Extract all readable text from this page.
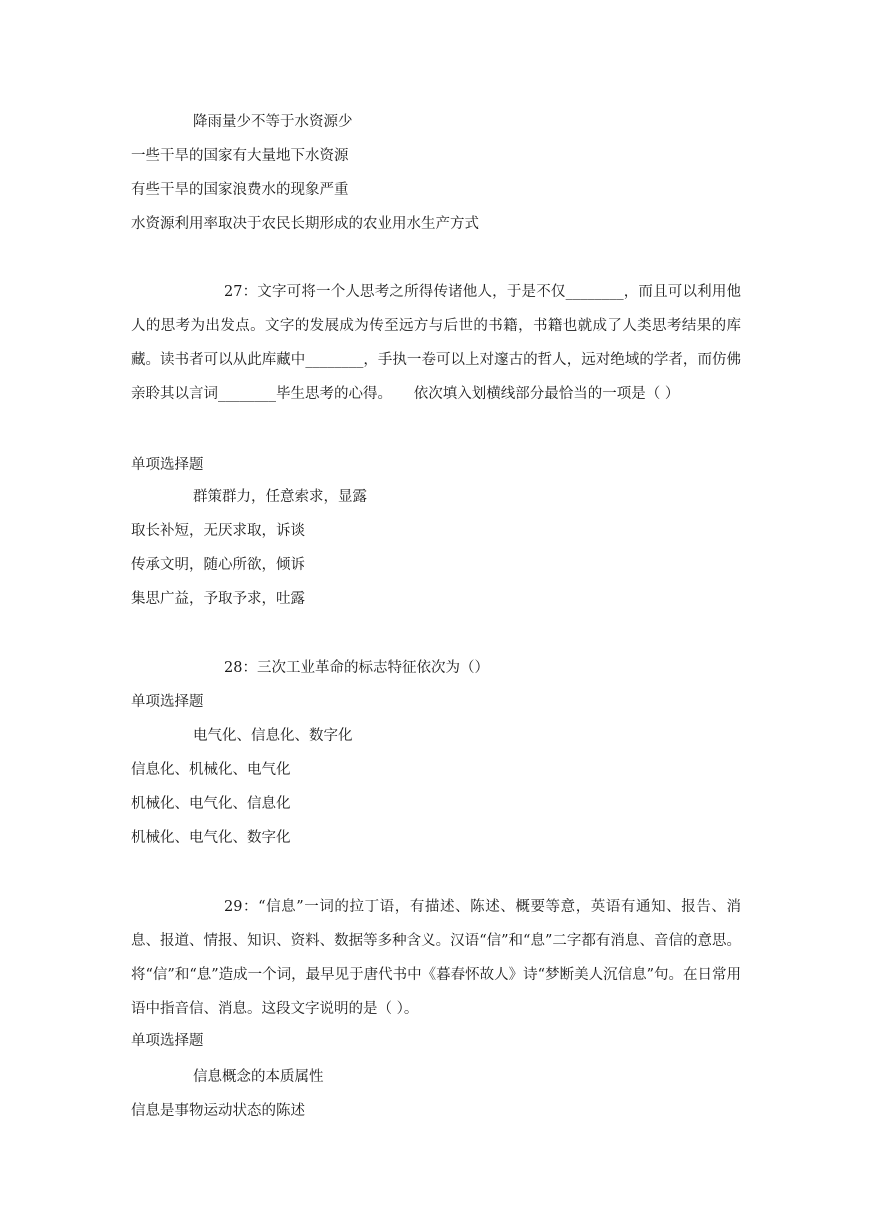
降雨量少不等于水资源少
一些干旱的国家有大量地下水资源
有些干旱的国家浪费水的现象严重
水资源利用率取决于农民长期形成的农业用水生产方式
27：文字可将一个人思考之所得传诸他人，于是不仅________，而且可以利用他人的思考为出发点。文字的发展成为传至远方与后世的书籍，书籍也就成了人类思考结果的库藏。读书者可以从此库藏中________，手执一卷可以上对邃古的哲人，远对绝域的学者，而仿佛亲聆其以言词________毕生思考的心得。　　依次填入划横线部分最恰当的一项是（ ）
单项选择题
群策群力，任意索求，显露
取长补短，无厌求取，诉谈
传承文明，随心所欲，倾诉
集思广益，予取予求，吐露
28：三次工业革命的标志特征依次为（）
单项选择题
电气化、信息化、数字化
信息化、机械化、电气化
机械化、电气化、信息化
机械化、电气化、数字化
29：“信息”一词的拉丁语，有描述、陈述、概要等意，英语有通知、报告、消息、报道、情报、知识、资料、数据等多种含义。汉语“信”和“息”二字都有消息、音信的意思。将“信”和“息”造成一个词，最早见于唐代书中《暮春怀故人》诗“梦断美人沉信息”句。在日常用语中指音信、消息。这段文字说明的是（ ）。
单项选择题
信息概念的本质属性
信息是事物运动状态的陈述
